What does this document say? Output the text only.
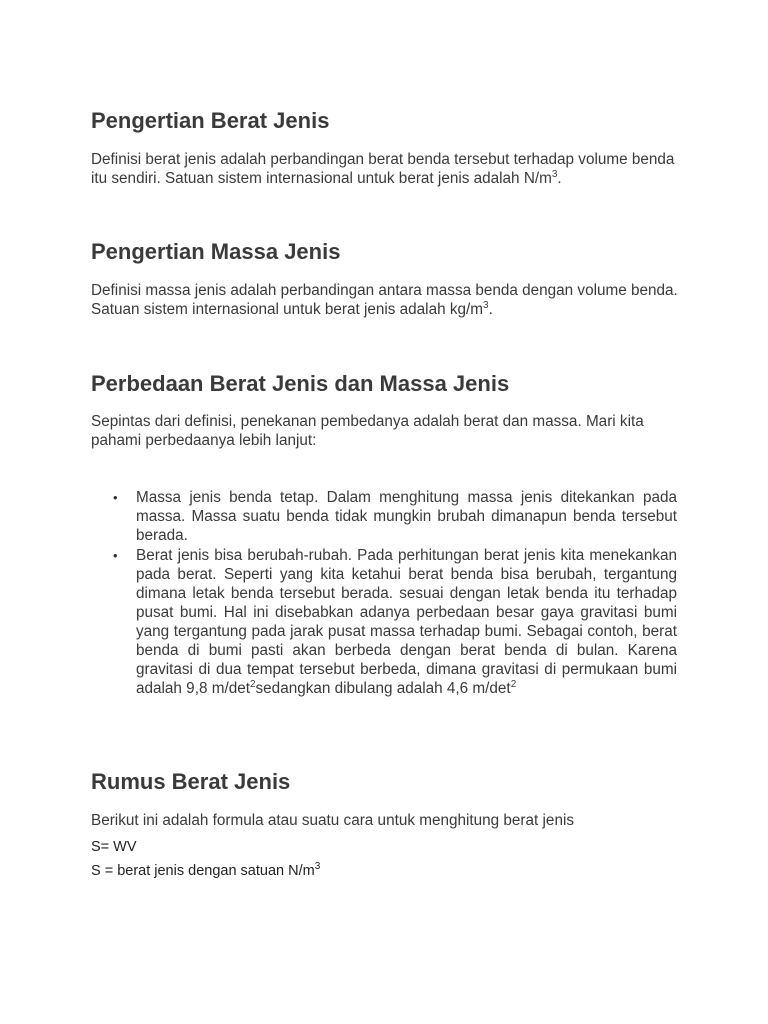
Pengertian Berat Jenis

Definisi berat jenis adalah perbandingan berat benda tersebut terhadap volume benda itu sendiri. Satuan sistem internasional untuk berat jenis adalah $N/m^3$.

Pengertian Massa Jenis

Definisi massa jenis adalah perbandingan antara massa benda dengan volume benda. Satuan sistem internasional untuk berat jenis adalah $kg/m^3$.

Perbedaan Berat Jenis dan Massa Jenis

Sepintas dari definisi, penekanan pembedanya adalah berat dan massa. Mari kita pahami perbedaanya lebih lanjut:

• Massa jenis benda tetap. Dalam menghitung massa jenis ditekankan pada massa. Massa suatu benda tidak mungkin brubah dimanapun benda tersebut berada.
• Berat jenis bisa berubah-rubah. Pada perhitungan berat jenis kita menekankan pada berat. Seperti yang kita ketahui berat benda bisa berubah, tergantung dimana letak benda tersebut berada. sesuai dengan letak benda itu terhadap pusat bumi. Hal ini disebabkan adanya perbedaan besar gaya gravitasi bumi yang tergantung pada jarak pusat massa terhadap bumi. Sebagai contoh, berat benda di bumi pasti akan berbeda dengan berat benda di bulan. Karena gravitasi di dua tempat tersebut berbeda, dimana gravitasi di permukaan bumi adalah 9,8 $m/\det^2sedangkan$ dibulang adalah 4,6 $m/\det^2$
Rumus Berat Jenis

Berikut ini adalah formula atau suatu cara untuk menghitung berat jenis

S= WV

S = berat jenis dengan satuan $N/m^3$
